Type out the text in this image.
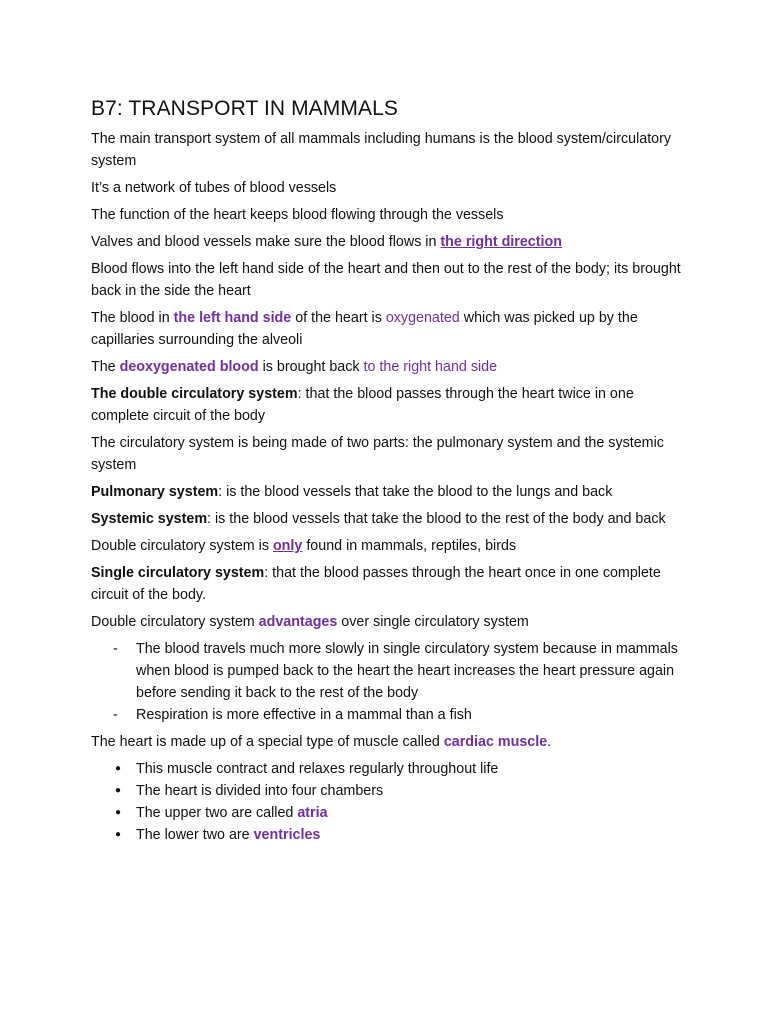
B7: TRANSPORT IN MAMMALS

The main transport system of all mammals including humans is the blood system/circulatory system

It’s a network of tubes of blood vessels

The function of the heart keeps blood flowing through the vessels

Valves and blood vessels make sure the blood flows in the right direction

Blood flows into the left hand side of the heart and then out to the rest of the body; its brought back in the side the heart

The blood in the left hand side of the heart is oxygenated which was picked up by the capillaries surrounding the alveoli

The deoxygenated blood is brought back to the right hand side

The double circulatory system: that the blood passes through the heart twice in one complete circuit of the body

The circulatory system is being made of two parts: the pulmonary system and the systemic system

Pulmonary system: is the blood vessels that take the blood to the lungs and back

Systemic system: is the blood vessels that take the blood to the rest of the body and back

Double circulatory system is only found in mammals, reptiles, birds

Single circulatory system: that the blood passes through the heart once in one complete circuit of the body.

Double circulatory system advantages over single circulatory system

- The blood travels much more slowly in single circulatory system because in mammals when blood is pumped back to the heart the heart increases the heart pressure again before sending it back to the rest of the body
- Respiration is more effective in a mammal than a fish

The heart is made up of a special type of muscle called cardiac muscle.

● This muscle contract and relaxes regularly throughout life
● The heart is divided into four chambers
● The upper two are called atria
● The lower two are ventricles
